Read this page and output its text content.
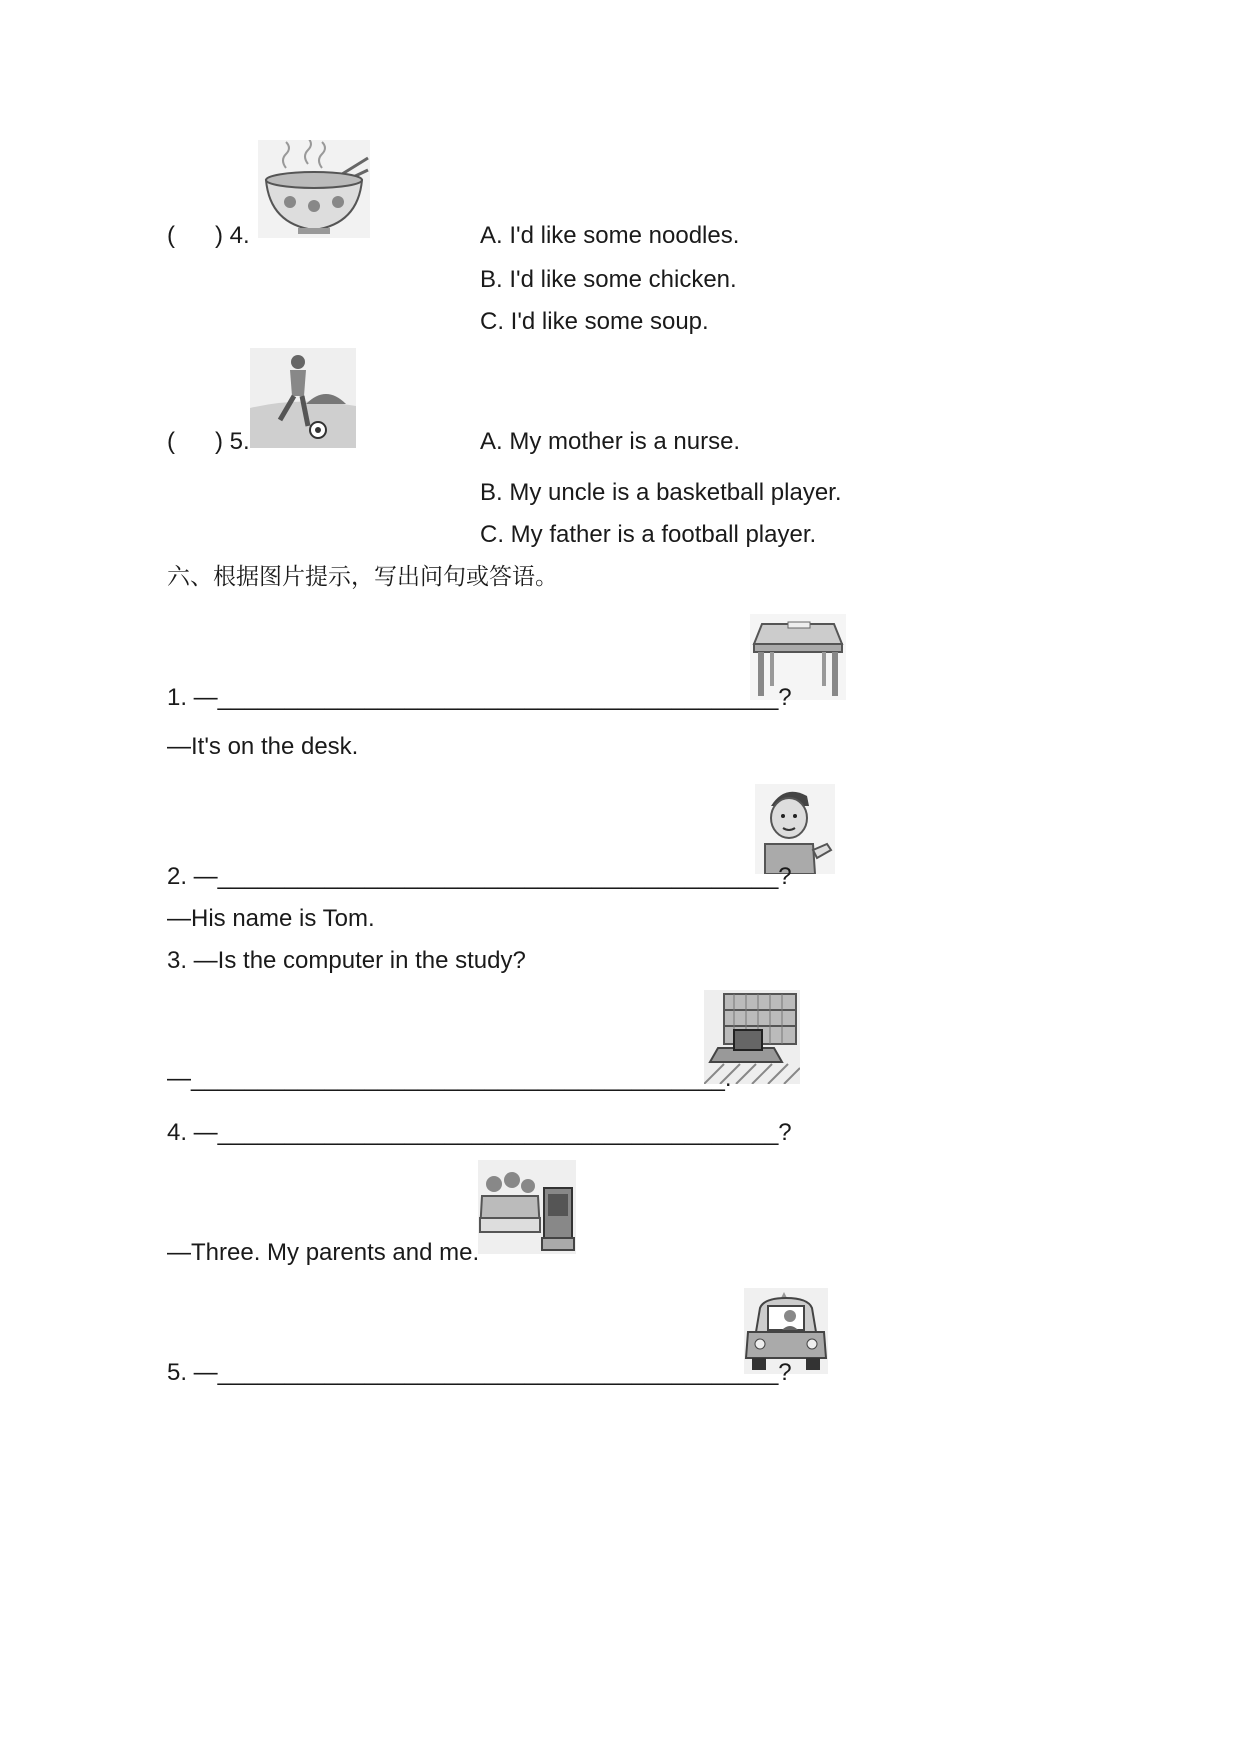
(      ) 4.	A. I'd like some noodles.
B. I'd like some chicken.
C. I'd like some soup.
(      ) 5.	A. My mother is a nurse.
B. My uncle is a basketball player.
C. My father is a football player.
六、根据图片提示，写出问句或答语。
1. —__________________________________________?
—It's on the desk.
2. —__________________________________________?
—His name is Tom.
3. —Is the computer in the study?
—________________________________________.
4. —__________________________________________?
—Three. My parents and me.
5. —__________________________________________?
